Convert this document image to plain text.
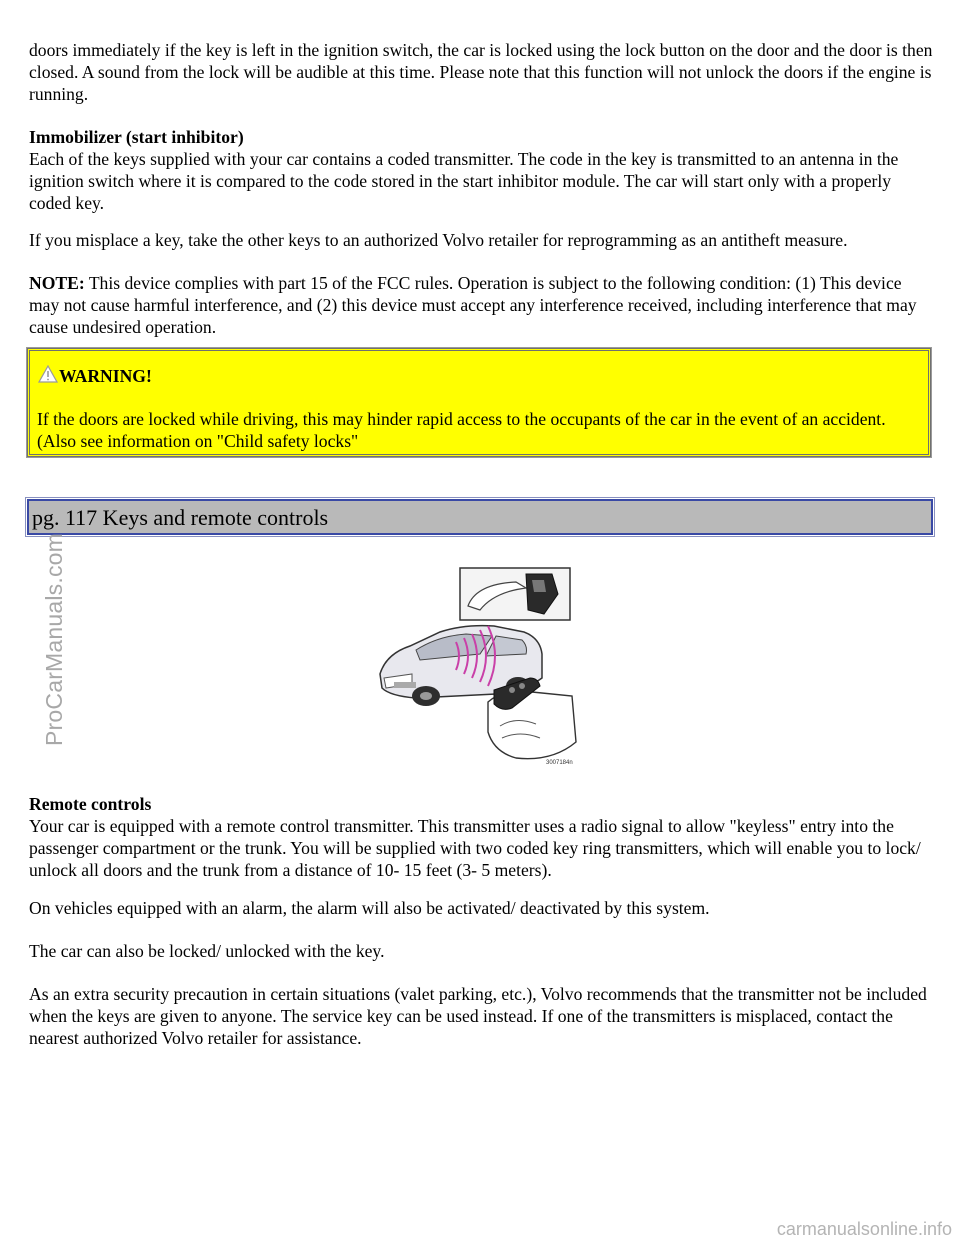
doors immediately if the key is left in the ignition switch, the car is locked using the lock button on the door and the door is then closed. A sound from the lock will be audible at this time. Please note that this function will not unlock the doors if the engine is running.

Immobilizer (start inhibitor)

Each of the keys supplied with your car contains a coded transmitter. The code in the key is transmitted to an antenna in the ignition switch where it is compared to the code stored in the start inhibitor module. The car will start only with a properly coded key.

If you misplace a key, take the other keys to an authorized Volvo retailer for reprogramming as an antitheft measure.

NOTE: This device complies with part 15 of the FCC rules. Operation is subject to the following condition: (1) This device may not cause harmful interference, and (2) this device must accept any interference received, including interference that may cause undesired operation.

WARNING!

If the doors are locked while driving, this may hinder rapid access to the occupants of the car in the event of an accident. (Also see information on "Child safety locks"

pg. 117 Keys and remote controls
3007184n

Remote controls

Your car is equipped with a remote control transmitter. This transmitter uses a radio signal to allow "keyless" entry into the passenger compartment or the trunk. You will be supplied with two coded key ring transmitters, which will enable you to lock/ unlock all doors and the trunk from a distance of 10- 15 feet (3- 5 meters).

On vehicles equipped with an alarm, the alarm will also be activated/ deactivated by this system.

The car can also be locked/ unlocked with the key.

As an extra security precaution in certain situations (valet parking, etc.), Volvo recommends that the transmitter not be included when the keys are given to anyone. The service key can be used instead. If one of the transmitters is misplaced, contact the nearest authorized Volvo retailer for assistance.

ProCarManuals.com
carmanualsonline.info
